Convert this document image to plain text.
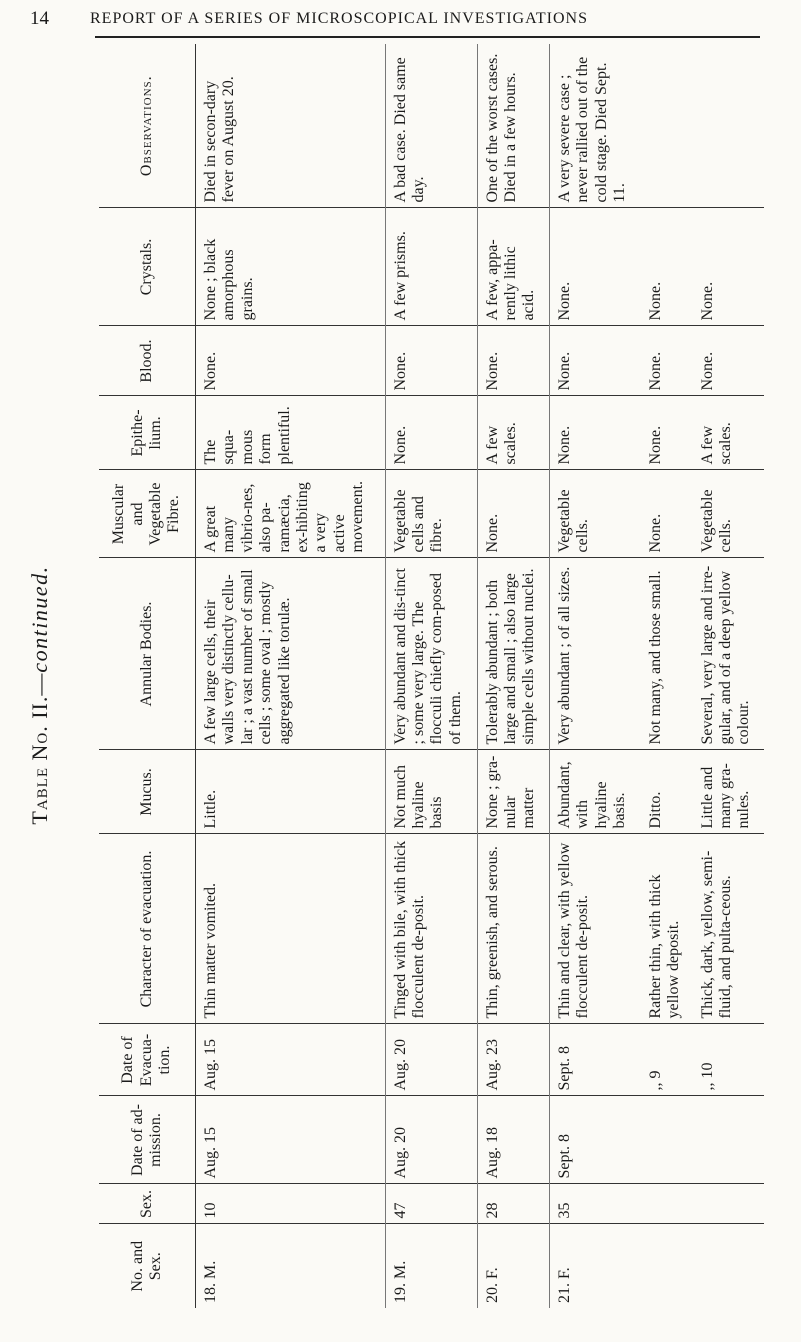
14	REPORT OF A SERIES OF MICROSCOPICAL INVESTIGATIONS
Table No. II.—continued.
No. and Sex.	Sex.	Date of ad-mission.	Date of Evacua-tion.	Character of evacuation.	Mucus.	Annular Bodies.	Muscular and Vegetable Fibre.	Epithe-lium.	Blood.	Crystals.	Observations.
18. M.	10	Aug. 15	Aug. 15	Thin matter vomited.	Little.	A few large cells, their walls very distinctly cellu-lar ; a vast number of small cells ; some oval ; mostly aggregated like torulæ.	A great many vibrio-nes, also pa-ramæcia, ex-hibiting a very active movement.	The squa-mous form plentiful.	None.	None ; black amorphous grains.	Died in secon-dary fever on August 20.
19. M.	47	Aug. 20	Aug. 20	Tinged with bile, with thick flocculent de-posit.	Not much hyaline basis	Very abundant and dis-tinct ; some very large. The flocculi chiefly com-posed of them.	Vegetable cells and fibre.	None.	None.	A few prisms.	A bad case. Died same day.
20. F.	28	Aug. 18	Aug. 23	Thin, greenish, and serous.	None ; gra-nular matter	Tolerably abundant ; both large and small ; also large simple cells without nuclei.	None.	A few scales.	None.	A few, appa-rently lithic acid.	One of the worst cases. Died in a few hours.
21. F.	35	Sept. 8	Sept. 8	Thin and clear, with yellow flocculent de-posit.	Abundant, with hyaline basis.	Very abundant ; of all sizes.	Vegetable cells.	None.	None.	None.	A very severe case ; never rallied out of the cold stage. Died Sept. 11.
			,, 9	Rather thin, with thick yellow deposit.	Ditto.	Not many, and those small.	None.	None.	None.	None.	
			,, 10	Thick, dark, yellow, semi-fluid, and pulta-ceous.	Little and many gra-nules.	Several, very large and irre-gular, and of a deep yellow colour.	Vegetable cells.	A few scales.	None.	None.	
